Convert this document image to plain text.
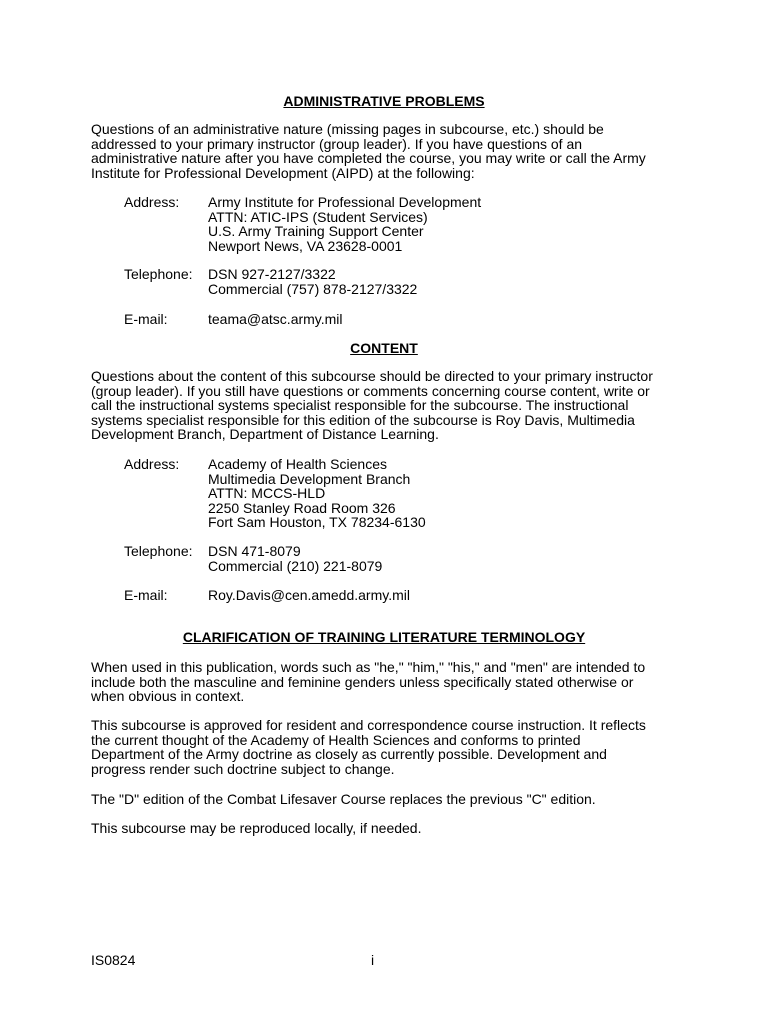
ADMINISTRATIVE PROBLEMS
Questions of an administrative nature (missing pages in subcourse, etc.) should be
addressed to your primary instructor (group leader). If you have questions of an
administrative nature after you have completed the course, you may write or call the Army
Institute for Professional Development (AIPD) at the following:
Address: Army Institute for Professional Development
ATTN: ATIC-IPS (Student Services)
U.S. Army Training Support Center
Newport News, VA 23628-0001
Telephone: DSN 927-2127/3322
Commercial (757) 878-2127/3322
E-mail:	teama@atsc.army.mil
CONTENT
Questions about the content of this subcourse should be directed to your primary instructor
(group leader). If you still have questions or comments concerning course content, write or
call the instructional systems specialist responsible for the subcourse. The instructional
systems specialist responsible for this edition of the subcourse is Roy Davis, Multimedia
Development Branch, Department of Distance Learning.
Address: Academy of Health Sciences
Multimedia Development Branch
ATTN: MCCS-HLD
2250 Stanley Road Room 326
Fort Sam Houston, TX 78234-6130
Telephone: DSN 471-8079
Commercial (210) 221-8079
E-mail:	Roy.Davis@cen.amedd.army.mil
CLARIFICATION OF TRAINING LITERATURE TERMINOLOGY
When used in this publication, words such as "he," "him," "his," and "men" are intended to
include both the masculine and feminine genders unless specifically stated otherwise or
when obvious in context.
This subcourse is approved for resident and correspondence course instruction. It reflects
the current thought of the Academy of Health Sciences and conforms to printed
Department of the Army doctrine as closely as currently possible. Development and
progress render such doctrine subject to change.
The "D" edition of the Combat Lifesaver Course replaces the previous "C" edition.
This subcourse may be reproduced locally, if needed.
IS0824	i
